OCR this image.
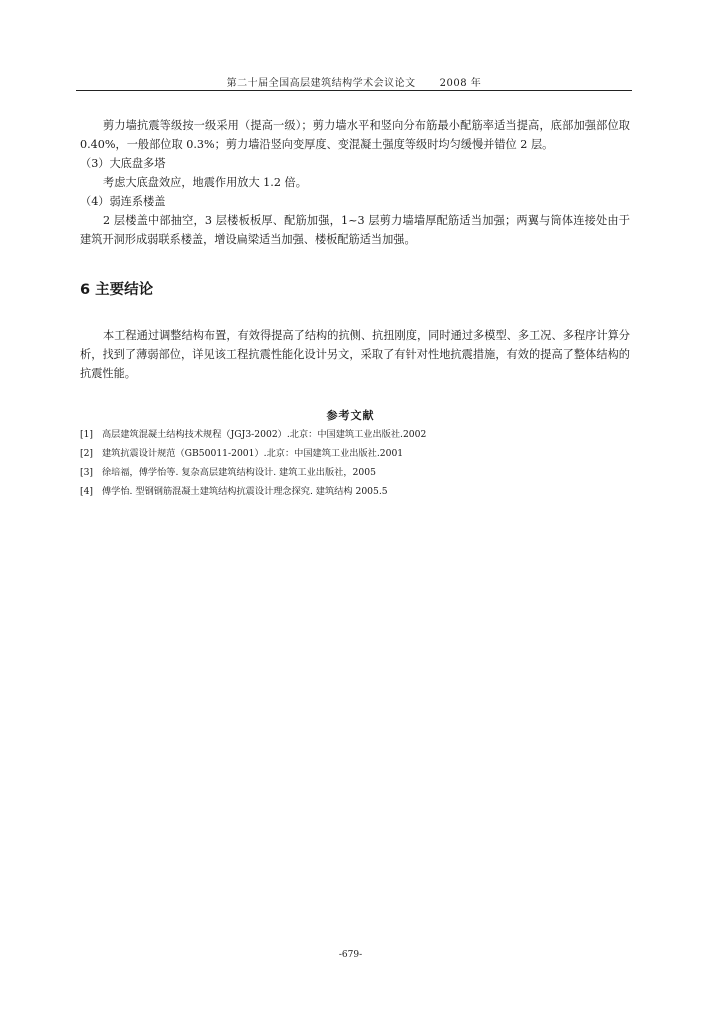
第二十届全国高层建筑结构学术会议论文 2008 年
剪力墙抗震等级按一级采用（提高一级）；剪力墙水平和竖向分布筋最小配筋率适当提高，底部加强部位取 0.40%，一般部位取 0.3%；剪力墙沿竖向变厚度、变混凝土强度等级时均匀缓慢并错位 2 层。
（3）大底盘多塔
考虑大底盘效应，地震作用放大 1.2 倍。
（4）弱连系楼盖
2 层楼盖中部抽空，3 层楼板板厚、配筋加强，1~3 层剪力墙墙厚配筋适当加强；两翼与筒体连接处由于建筑开洞形成弱联系楼盖，增设扁梁适当加强、楼板配筋适当加强。
6 主要结论
本工程通过调整结构布置，有效得提高了结构的抗侧、抗扭刚度，同时通过多模型、多工况、多程序计算分析，找到了薄弱部位，详见该工程抗震性能化设计另文，采取了有针对性地抗震措施，有效的提高了整体结构的抗震性能。
参考文献
[1] 高层建筑混凝土结构技术规程（JGJ3-2002）.北京：中国建筑工业出版社.2002
[2] 建筑抗震设计规范（GB50011-2001）.北京：中国建筑工业出版社.2001
[3] 徐培福，傅学怡等. 复杂高层建筑结构设计. 建筑工业出版社，2005
[4] 傅学怡. 型钢钢筋混凝土建筑结构抗震设计理念探究. 建筑结构 2005.5
-679-
